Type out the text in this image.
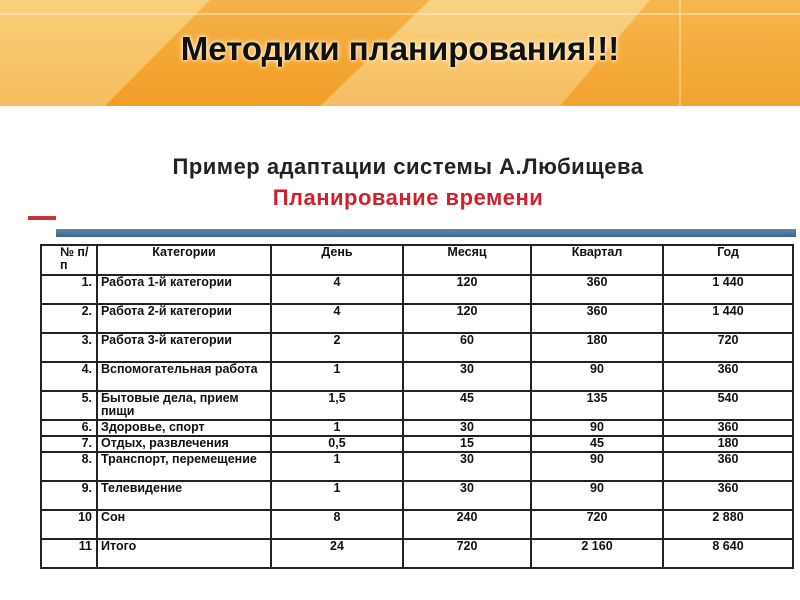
Методики планирования!!!
Пример адаптации системы А.Любищева
Планирование времени
№ п/п	Категории	День	Месяц	Квартал	Год
1.	Работа 1-й категории	4	120	360	1 440
2.	Работа 2-й категории	4	120	360	1 440
3.	Работа 3-й категории	2	60	180	720
4.	Вспомогательная работа	1	30	90	360
5.	Бытовые дела, прием пищи	1,5	45	135	540
6.	Здоровье, спорт	1	30	90	360
7.	Отдых, развлечения	0,5	15	45	180
8.	Транспорт, перемещение	1	30	90	360
9.	Телевидение	1	30	90	360
10	Сон	8	240	720	2 880
11	Итого	24	720	2 160	8 640
